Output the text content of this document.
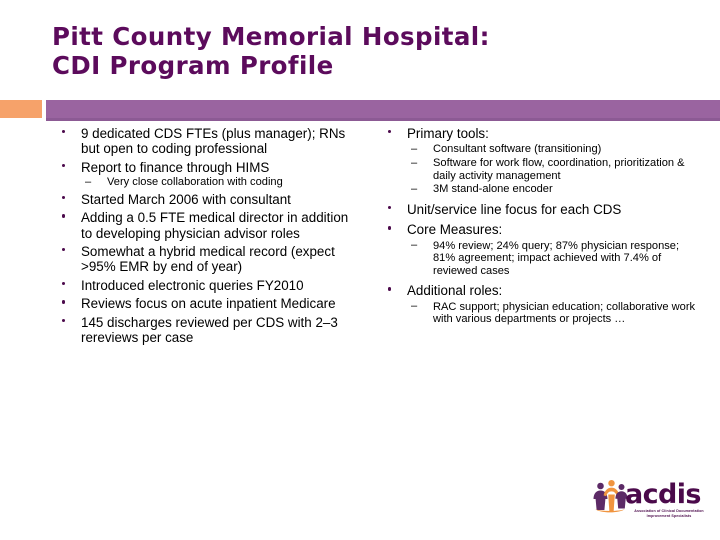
Pitt County Memorial Hospital:
CDI Program Profile
9 dedicated CDS FTEs (plus manager); RNs but open to coding professional
Report to finance through HIMS
– Very close collaboration with coding
Started March 2006 with consultant
Adding a 0.5 FTE medical director in addition to developing physician advisor roles
Somewhat a hybrid medical record (expect >95% EMR by end of year)
Introduced electronic queries FY2010
Reviews focus on acute inpatient Medicare
145 discharges reviewed per CDS with 2–3 rereviews per case
Primary tools:
– Consultant software (transitioning)
– Software for work flow, coordination, prioritization & daily activity management
– 3M stand-alone encoder
Unit/service line focus for each CDS
Core Measures:
– 94% review; 24% query; 87% physician response; 81% agreement; impact achieved with 7.4% of reviewed cases
Additional roles:
– RAC support; physician education; collaborative work with various departments or projects …
acdis
Association of Clinical Documentation Improvement Specialists
